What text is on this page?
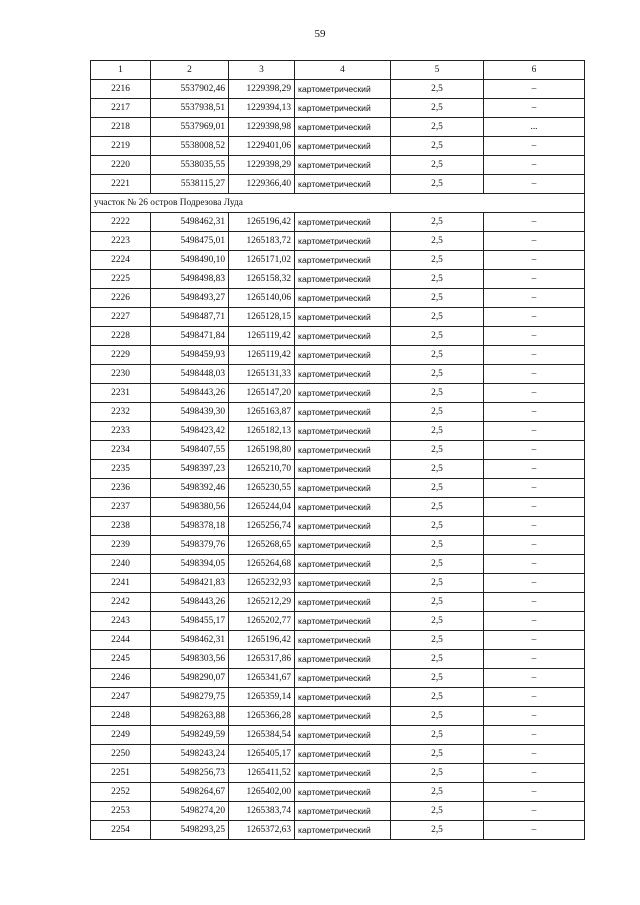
59
1	2	3	4	5	6
2216	5537902,46	1229398,29	картометрический	2,5	–
2217	5537938,51	1229394,13	картометрический	2,5	–
2218	5537969,01	1229398,98	картометрический	2,5	...
2219	5538008,52	1229401,06	картометрический	2,5	–
2220	5538035,55	1229398,29	картометрический	2,5	–
2221	5538115,27	1229366,40	картометрический	2,5	–
участок № 26 остров Подрезова Луда					
2222	5498462,31	1265196,42	картометрический	2,5	–
2223	5498475,01	1265183,72	картометрический	2,5	–
2224	5498490,10	1265171,02	картометрический	2,5	–
2225	5498498,83	1265158,32	картометрический	2,5	–
2226	5498493,27	1265140,06	картометрический	2,5	–
2227	5498487,71	1265128,15	картометрический	2,5	–
2228	5498471,84	1265119,42	картометрический	2,5	–
2229	5498459,93	1265119,42	картометрический	2,5	–
2230	5498448,03	1265131,33	картометрический	2,5	–
2231	5498443,26	1265147,20	картометрический	2,5	–
2232	5498439,30	1265163,87	картометрический	2,5	–
2233	5498423,42	1265182,13	картометрический	2,5	–
2234	5498407,55	1265198,80	картометрический	2,5	–
2235	5498397,23	1265210,70	картометрический	2,5	–
2236	5498392,46	1265230,55	картометрический	2,5	–
2237	5498380,56	1265244,04	картометрический	2,5	–
2238	5498378,18	1265256,74	картометрический	2,5	–
2239	5498379,76	1265268,65	картометрический	2,5	–
2240	5498394,05	1265264,68	картометрический	2,5	–
2241	5498421,83	1265232,93	картометрический	2,5	–
2242	5498443,26	1265212,29	картометрический	2,5	–
2243	5498455,17	1265202,77	картометрический	2,5	–
2244	5498462,31	1265196,42	картометрический	2,5	–
2245	5498303,56	1265317,86	картометрический	2,5	–
2246	5498290,07	1265341,67	картометрический	2,5	–
2247	5498279,75	1265359,14	картометрический	2,5	–
2248	5498263,88	1265366,28	картометрический	2,5	–
2249	5498249,59	1265384,54	картометрический	2,5	–
2250	5498243,24	1265405,17	картометрический	2,5	–
2251	5498256,73	1265411,52	картометрический	2,5	–
2252	5498264,67	1265402,00	картометрический	2,5	–
2253	5498274,20	1265383,74	картометрический	2,5	–
2254	5498293,25	1265372,63	картометрический	2,5	–
